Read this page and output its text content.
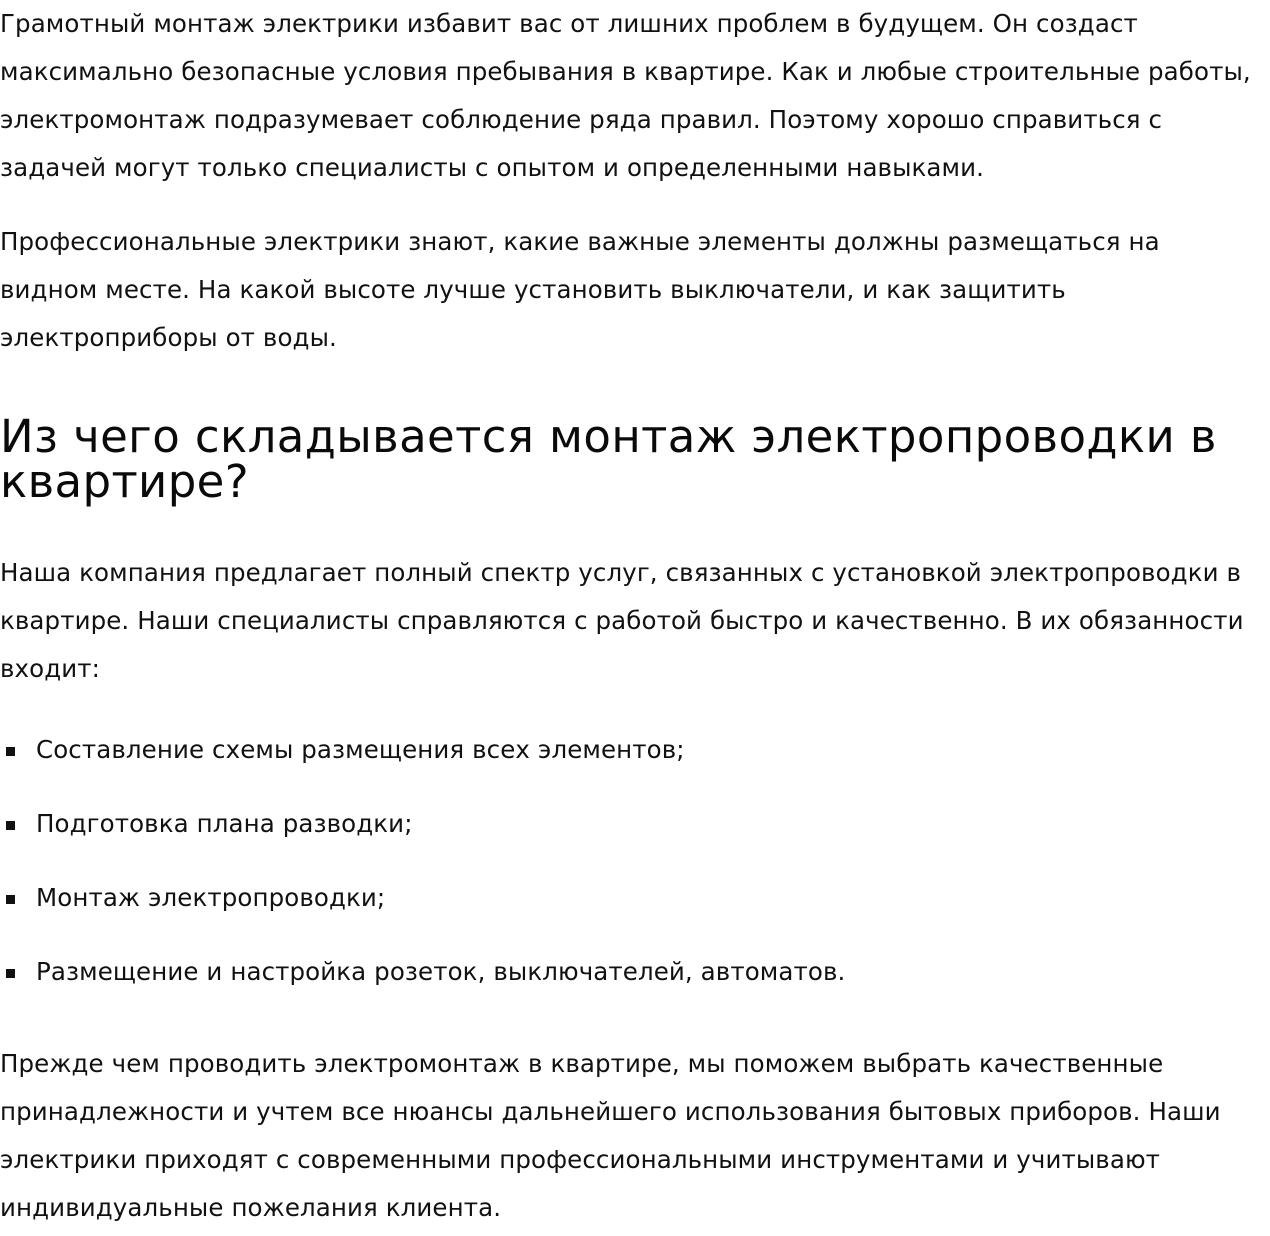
Грамотный монтаж электрики избавит вас от лишних проблем в будущем. Он создаст максимально безопасные условия пребывания в квартире. Как и любые строительные работы, электромонтаж подразумевает соблюдение ряда правил. Поэтому хорошо справиться с задачей могут только специалисты с опытом и определенными навыками.

Профессиональные электрики знают, какие важные элементы должны размещаться на видном месте. На какой высоте лучше установить выключатели, и как защитить электроприборы от воды.

Из чего складывается монтаж электропроводки в квартире?

Наша компания предлагает полный спектр услуг, связанных с установкой электропроводки в квартире. Наши специалисты справляются с работой быстро и качественно. В их обязанности входит:

Составление схемы размещения всех элементов;
Подготовка плана разводки;
Монтаж электропроводки;
Размещение и настройка розеток, выключателей, автоматов.

Прежде чем проводить электромонтаж в квартире, мы поможем выбрать качественные принадлежности и учтем все нюансы дальнейшего использования бытовых приборов. Наши электрики приходят с современными профессиональными инструментами и учитывают индивидуальные пожелания клиента.
